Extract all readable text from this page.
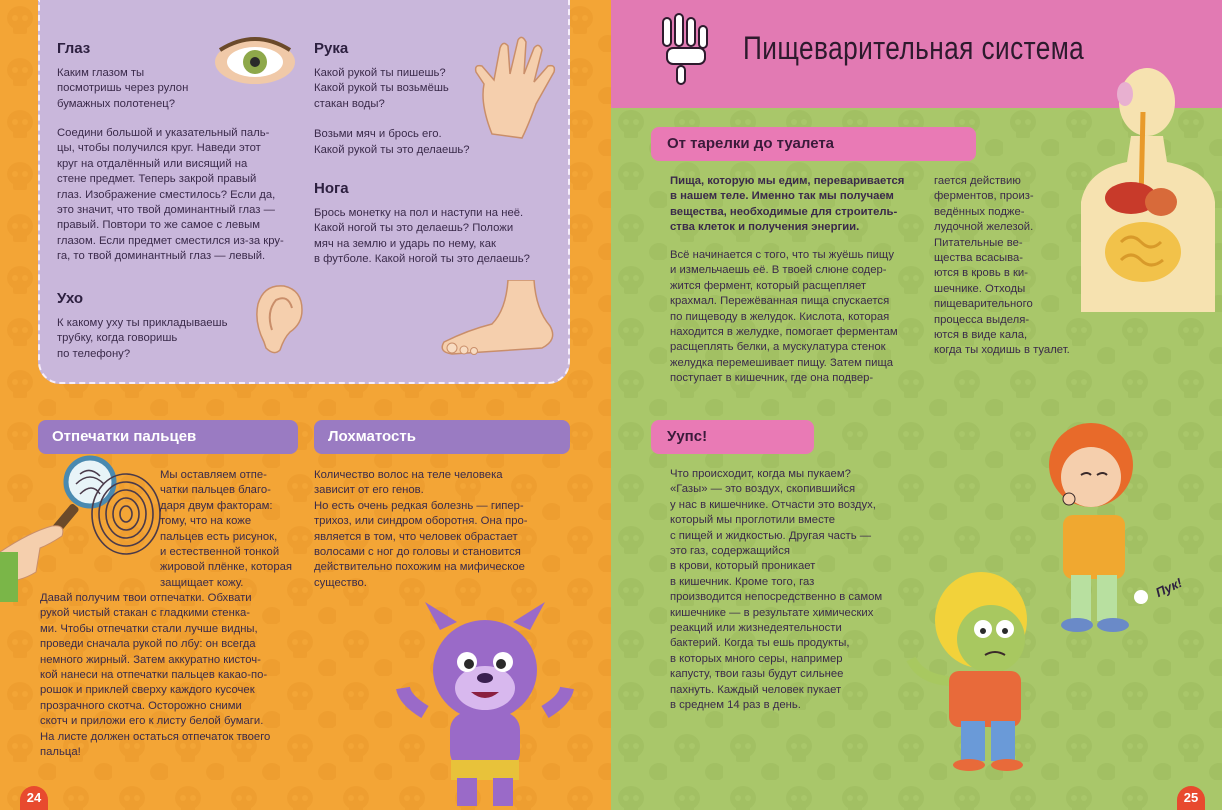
Глаз
Каким глазом ты
посмотришь через рулон
бумажных полотенец?
Соедини большой и указательный паль-
цы, чтобы получился круг. Наведи этот
круг на отдалённый или висящий на
стене предмет. Теперь закрой правый
глаз. Изображение сместилось? Если да,
это значит, что твой доминантный глаз —
правый. Повтори то же самое с левым
глазом. Если предмет сместился из-за кру-
га, то твой доминантный глаз — левый.
Рука
Какой рукой ты пишешь?
Какой рукой ты возьмёшь
стакан воды?
Возьми мяч и брось его.
Какой рукой ты это делаешь?
Нога
Брось монетку на пол и наступи на неё.
Какой ногой ты это делаешь? Положи
мяч на землю и ударь по нему, как
в футболе. Какой ногой ты это делаешь?
Ухо
К какому уху ты прикладываешь
трубку, когда говоришь
по телефону?
Отпечатки пальцев
Мы оставляем отпе-
чатки пальцев благо-
даря двум факторам:
тому, что на коже
пальцев есть рисунок,
и естественной тонкой
жировой плёнке, которая
защищает кожу.
Давай получим твои отпечатки. Обхвати
рукой чистый стакан с гладкими стенка-
ми. Чтобы отпечатки стали лучше видны,
проведи сначала рукой по лбу: он всегда
немного жирный. Затем аккуратно кисточ-
кой нанеси на отпечатки пальцев какао-по-
рошок и приклей сверху каждого кусочек
прозрачного скотча. Осторожно сними
скотч и приложи его к листу белой бумаги.
На листе должен остаться отпечаток твоего
пальца!
Лохматость
Количество волос на теле человека
зависит от его генов.
Но есть очень редкая болезнь — гипер-
трихоз, или синдром оборотня. Она про-
является в том, что человек обрастает
волосами с ног до головы и становится
действительно похожим на мифическое
существо.
24
Пищеварительная система
От тарелки до туалета
Пища, которую мы едим, переваривается
в нашем теле. Именно так мы получаем
вещества, необходимые для строитель-
ства клеток и получения энергии.
Всё начинается с того, что ты жуёшь пищу
и измельчаешь её. В твоей слюне содер-
жится фермент, который расщепляет
крахмал. Пережёванная пища спускается
по пищеводу в желудок. Кислота, которая
находится в желудке, помогает ферментам
расщеплять белки, а мускулатура стенок
желудка перемешивает пищу. Затем пища
поступает в кишечник, где она подвер-
гается действию
ферментов, произ-
ведённых поджe-
лудочной железой.
Питательные ве-
щества всасыва-
ются в кровь в ки-
шечнике. Отходы
пищеварительного
процесса выделя-
ются в виде кала,
когда ты ходишь в туалет.
Уупс!
Что происходит, когда мы пукаем?
«Газы» — это воздух, скопившийся
у нас в кишечнике. Отчасти это воздух,
который мы проглотили вместе
с пищей и жидкостью. Другая часть —
это газ, содержащийся
в крови, который проникает
в кишечник. Кроме того, газ
производится непосредственно в самом
кишечнике — в результате химических
реакций или жизнедеятельности
бактерий. Когда ты ешь продукты,
в которых много серы, например
капусту, твои газы будут сильнее
пахнуть. Каждый человек пукает
в среднем 14 раз в день.
Пук!
25
